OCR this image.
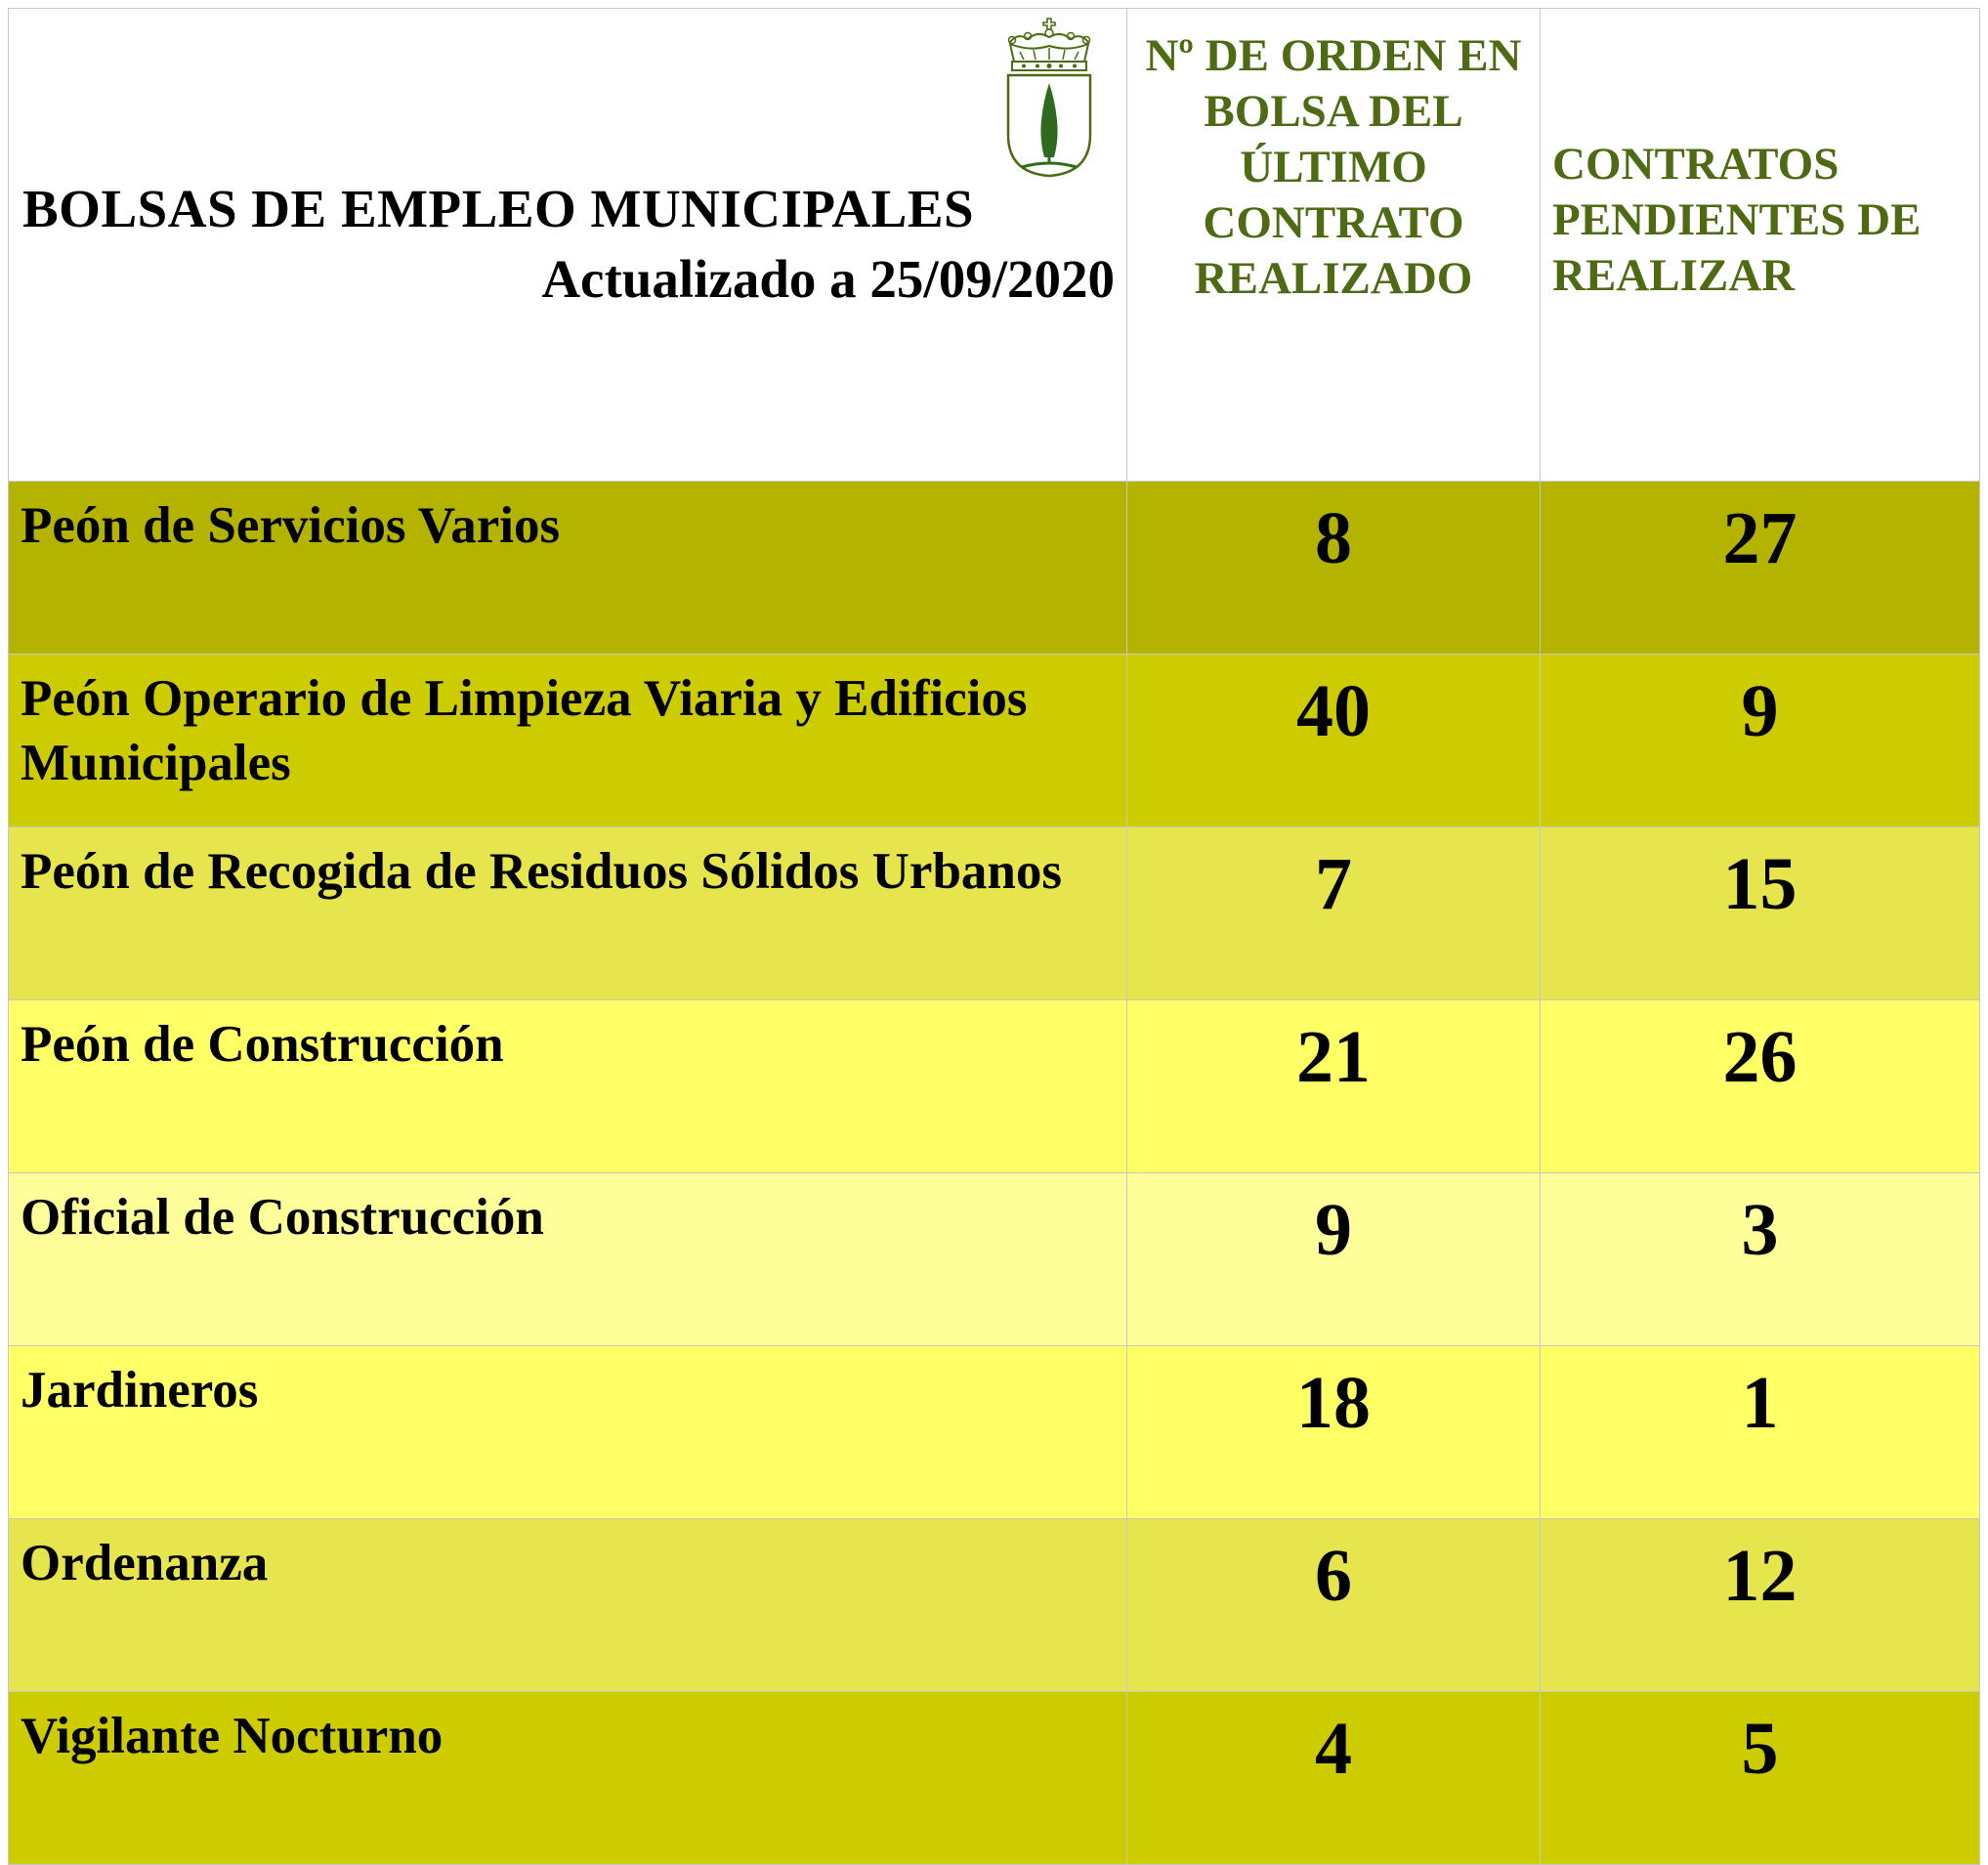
BOLSAS DE EMPLEO MUNICIPALES
Actualizado a 25/09/2020	Nº DE ORDEN EN BOLSA DEL ÚLTIMO CONTRATO REALIZADO	CONTRATOS PENDIENTES DE REALIZAR

Peón de Servicios Varios	8	27
Peón Operario de Limpieza Viaria y Edificios Municipales	40	9
Peón de Recogida de Residuos Sólidos Urbanos	7	15
Peón de Construcción	21	26
Oficial de Construcción	9	3
Jardineros	18	1
Ordenanza	6	12
Vigilante Nocturno	4	5
